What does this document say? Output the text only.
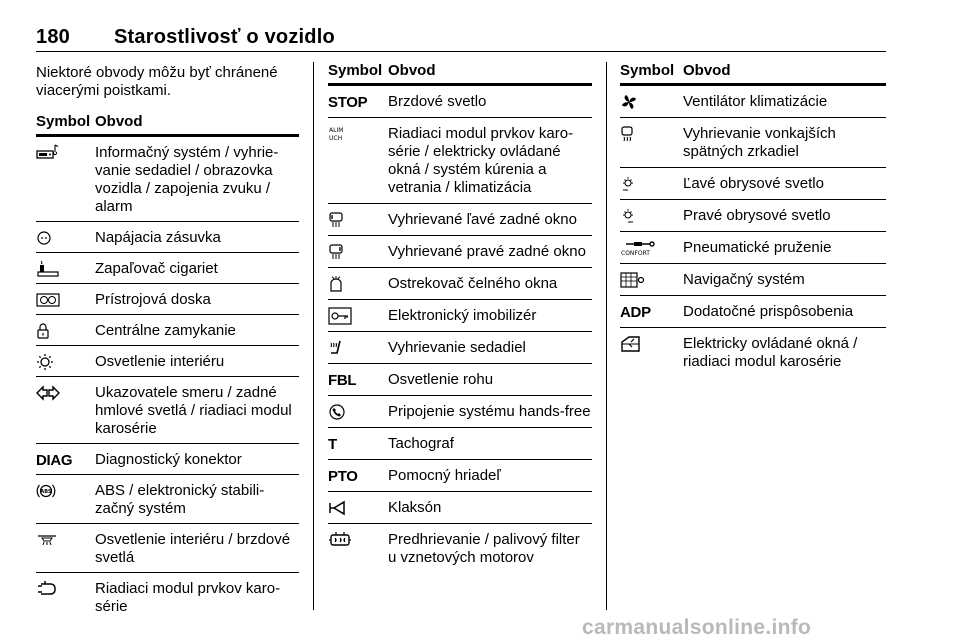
180 Starostlivosť o vozidlo
Niektoré obvody môžu byť chránené viacerými poistkami.
Symbol Obvod
Informačný systém / vyhrie-vanie sedadiel / obrazovka vozidla / zapojenia zvuku / alarm
Napájacia zásuvka
Zapaľovač cigariet
Prístrojová doska
Centrálne zamykanie
Osvetlenie interiéru
Ukazovatele smeru / zadné hmlové svetlá / riadiaci modul karosérie
DIAG Diagnostický konektor
ABS	ABS / elektronický stabili-začný systém
Osvetlenie interiéru / brzdové svetlá
Riadiaci modul prvkov karo-série
Symbol Obvod
STOP Brzdové svetlo
ALIM
UCH	Riadiaci modul prvkov karo-série / elektricky ovládané okná / systém kúrenia a vetrania / klimatizácia
Vyhrievané ľavé zadné okno
Vyhrievané pravé zadné okno
Ostrekovač čelného okna
Elektronický imobilizér
Vyhrievanie sedadiel
FBL Osvetlenie rohu
Pripojenie systému hands-free
T	Tachograf
PTO Pomocný hriadeľ
Klaksón
Predhrievanie / palivový filter u vznetových motorov
Symbol Obvod
Ventilátor klimatizácie
Vyhrievanie vonkajších spätných zrkadiel
Ľavé obrysové svetlo
Pravé obrysové svetlo
CONFORT Pneumatické pruženie
Navigačný systém
ADP Dodatočné prispôsobenia
Elektricky ovládané okná / riadiaci modul karosérie
carmanualsonline.info
